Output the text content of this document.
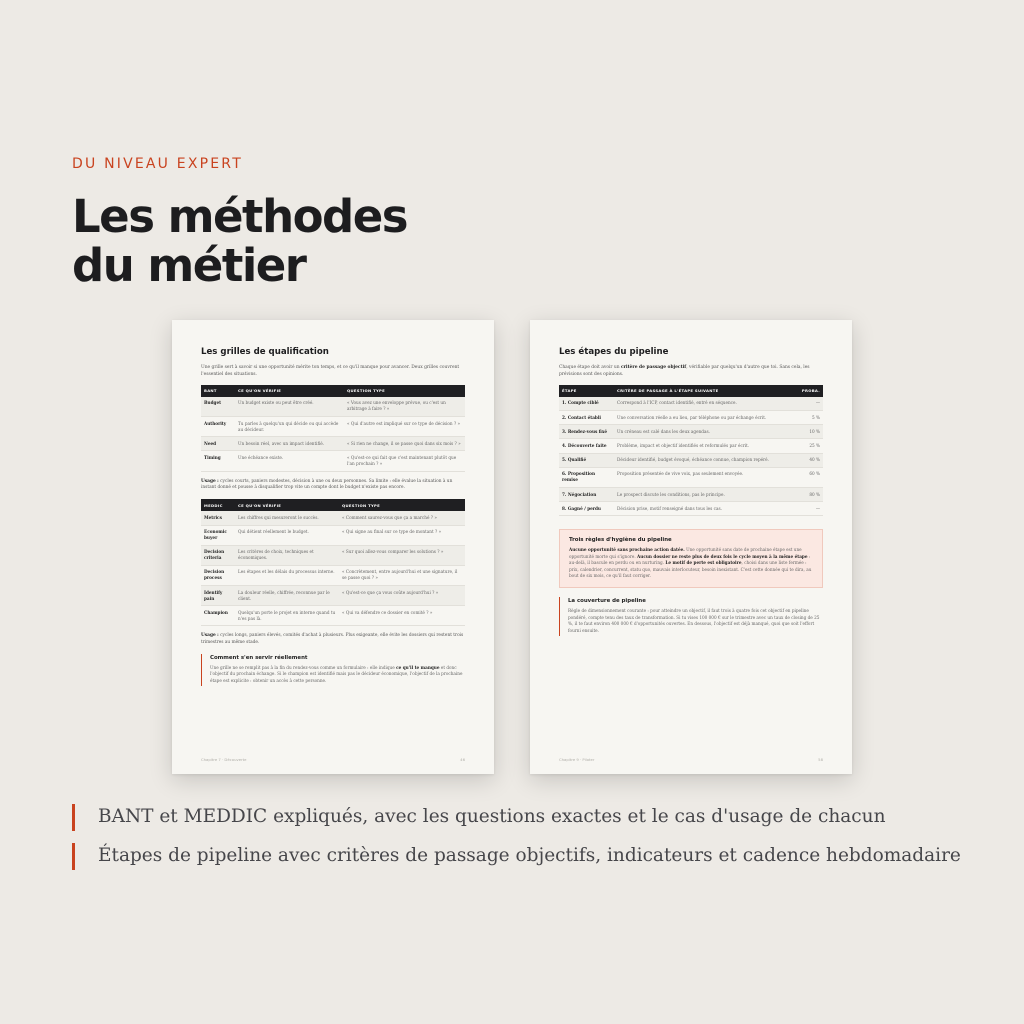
DU NIVEAU EXPERT
Les méthodes
du métier
Les grilles de qualification
Une grille sert à savoir si une opportunité mérite ton temps, et ce qu'il manque pour avancer. Deux grilles couvrent l'essentiel des situations.
BANT	CE QU'ON VÉRIFIE	QUESTION TYPE
Budget	Un budget existe ou peut être créé.	« Vous avez une enveloppe prévue, ou c'est un arbitrage à faire ? »
Authority	Tu parles à quelqu'un qui décide ou qui accède au décideur.	« Qui d'autre est impliqué sur ce type de décision ? »
Need	Un besoin réel, avec un impact identifié.	« Si rien ne change, il se passe quoi dans six mois ? »
Timing	Une échéance existe.	« Qu'est-ce qui fait que c'est maintenant plutôt que l'an prochain ? »
Usage : cycles courts, paniers modestes, décision à une ou deux personnes. Sa limite : elle évalue la situation à un instant donné et pousse à disqualifier trop vite un compte dont le budget n'existe pas encore.
MEDDIC	CE QU'ON VÉRIFIE	QUESTION TYPE
Metrics	Les chiffres qui mesureront le succès.	« Comment saurez-vous que ça a marché ? »
Economic buyer	Qui détient réellement le budget.	« Qui signe au final sur ce type de montant ? »
Decision criteria	Les critères de choix, techniques et économiques.	« Sur quoi allez-vous comparer les solutions ? »
Decision process	Les étapes et les délais du processus interne.	« Concrètement, entre aujourd'hui et une signature, il se passe quoi ? »
Identify pain	La douleur réelle, chiffrée, reconnue par le client.	« Qu'est-ce que ça vous coûte aujourd'hui ? »
Champion	Quelqu'un porte le projet en interne quand tu n'es pas là.	« Qui va défendre ce dossier en comité ? »
Usage : cycles longs, paniers élevés, comités d'achat à plusieurs. Plus exigeante, elle évite les dossiers qui restent trois trimestres au même stade.
Comment s'en servir réellement
Une grille ne se remplit pas à la fin du rendez-vous comme un formulaire : elle indique ce qu'il te manque et donc l'objectif du prochain échange. Si le champion est identifié mais pas le décideur économique, l'objectif de la prochaine étape est explicite : obtenir un accès à cette personne.
Chapitre 7 · Découverte	46
Les étapes du pipeline
Chaque étape doit avoir un critère de passage objectif, vérifiable par quelqu'un d'autre que toi. Sans cela, les prévisions sont des opinions.
ÉTAPE	CRITÈRE DE PASSAGE À L'ÉTAPE SUIVANTE	PROBA.
1. Compte ciblé	Correspond à l'ICP, contact identifié, entré en séquence.	—
2. Contact établi	Une conversation réelle a eu lieu, par téléphone ou par échange écrit.	5 %
3. Rendez-vous fixé	Un créneau est calé dans les deux agendas.	10 %
4. Découverte faite	Problème, impact et objectif identifiés et reformulés par écrit.	25 %
5. Qualifié	Décideur identifié, budget évoqué, échéance connue, champion repéré.	40 %
6. Proposition remise	Proposition présentée de vive voix, pas seulement envoyée.	60 %
7. Négociation	Le prospect discute les conditions, pas le principe.	80 %
8. Gagné / perdu	Décision prise, motif renseigné dans tous les cas.	—
Trois règles d'hygiène du pipeline
Aucune opportunité sans prochaine action datée. Une opportunité sans date de prochaine étape est une opportunité morte qui s'ignore. Aucun dossier ne reste plus de deux fois le cycle moyen à la même étape : au-delà, il bascule en perdu ou en nurturing. Le motif de perte est obligatoire, choisi dans une liste fermée : prix, calendrier, concurrent, statu quo, mauvais interlocuteur, besoin inexistant. C'est cette donnée qui te dira, au bout de six mois, ce qu'il faut corriger.
La couverture de pipeline
Règle de dimensionnement courante : pour atteindre un objectif, il faut trois à quatre fois cet objectif en pipeline pondéré, compte tenu des taux de transformation. Si tu vises 100 000 € sur le trimestre avec un taux de closing de 25 %, il te faut environ 400 000 € d'opportunités ouvertes. En dessous, l'objectif est déjà manqué, quoi que soit l'effort fourni ensuite.
Chapitre 9 · Piloter	58
BANT et MEDDIC expliqués, avec les questions exactes et le cas d'usage de chacun
Étapes de pipeline avec critères de passage objectifs, indicateurs et cadence hebdomadaire
